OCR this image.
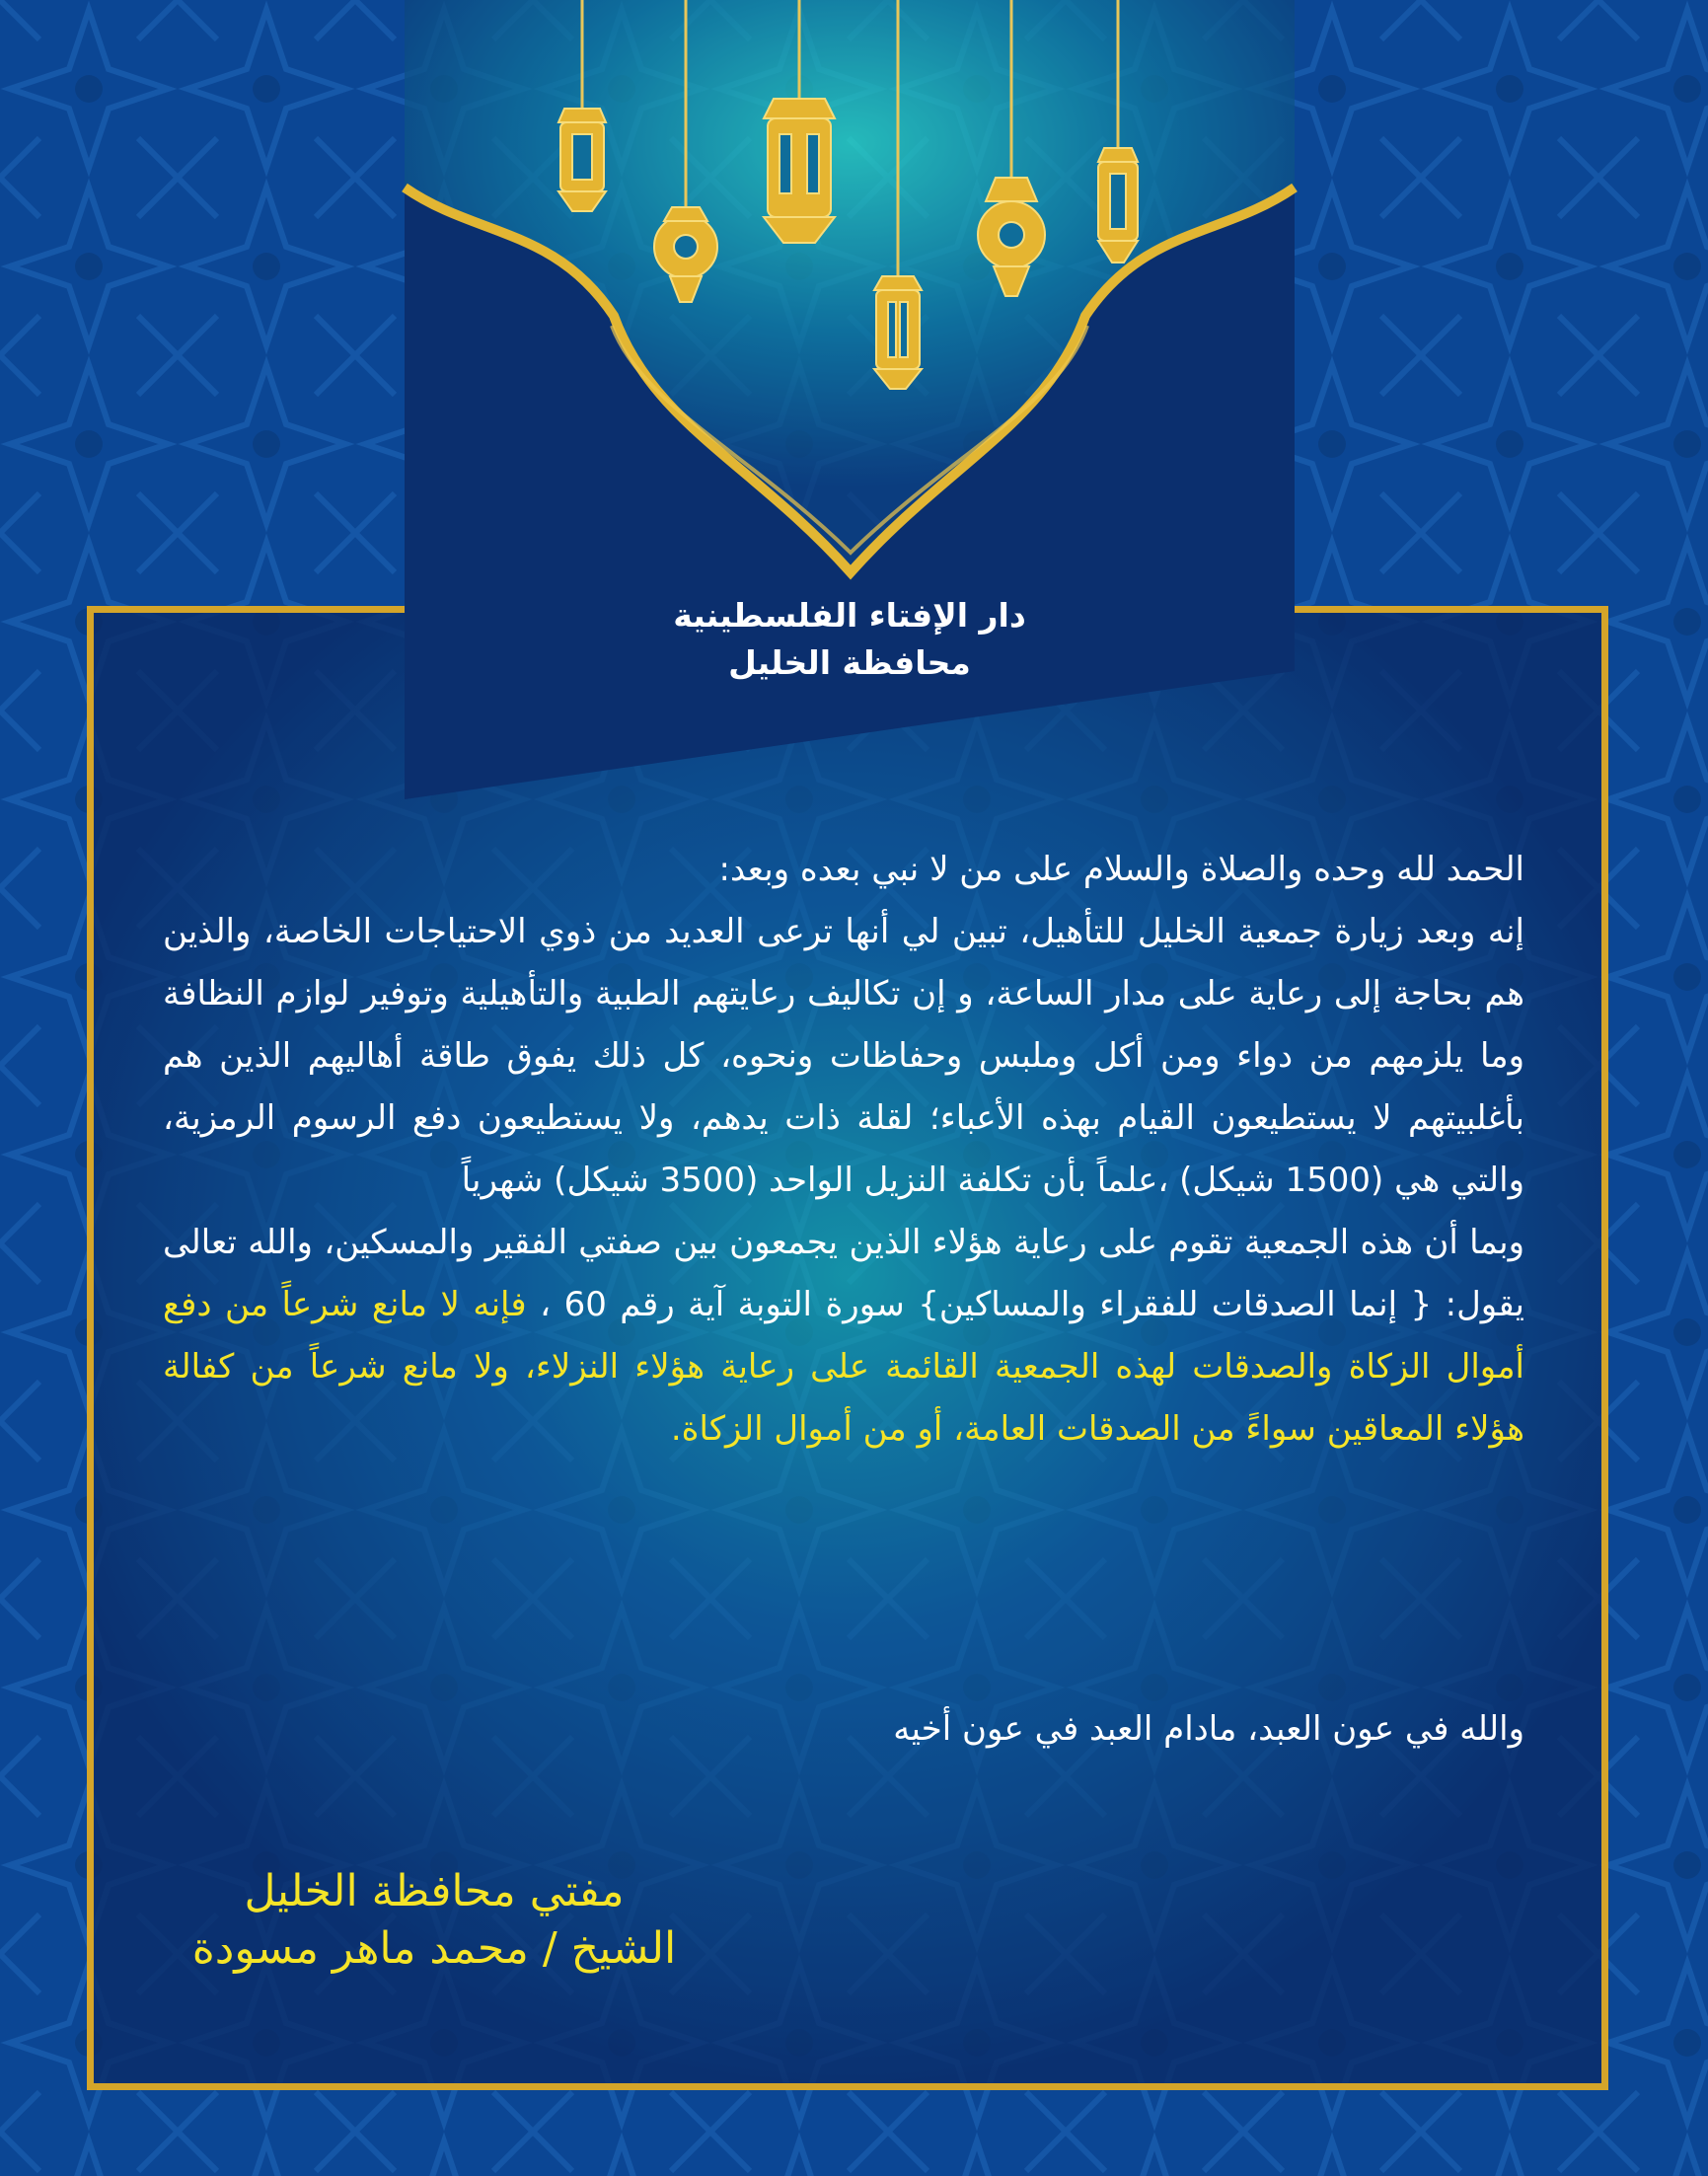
دار الإفتاء الفلسطينية
محافظة الخليل

الحمد لله وحده والصلاة والسلام على من لا نبي بعده وبعد:

إنه وبعد زيارة جمعية الخليل للتأهيل، تبين لي أنها ترعى العديد من ذوي الاحتياجات الخاصة، والذين هم بحاجة إلى رعاية على مدار الساعة، و إن تكاليف رعايتهم الطبية والتأهيلية وتوفير لوازم النظافة وما يلزمهم من دواء ومن أكل وملبس وحفاظات ونحوه، كل ذلك يفوق طاقة أهاليهم الذين هم بأغلبيتهم لا يستطيعون القيام بهذه الأعباء؛ لقلة ذات يدهم، ولا يستطيعون دفع الرسوم الرمزية، والتي هي (1500 شيكل) ،علماً بأن تكلفة النزيل الواحد (3500 شيكل) شهرياً

وبما أن هذه الجمعية تقوم على رعاية هؤلاء الذين يجمعون بين صفتي الفقير والمسكين، والله تعالى يقول: { إنما الصدقات للفقراء والمساكين} سورة التوبة آية رقم 60 ، فإنه لا مانع شرعاً من دفع أموال الزكاة والصدقات لهذه الجمعية القائمة على رعاية هؤلاء النزلاء، ولا مانع شرعاً من كفالة هؤلاء المعاقين سواءً من الصدقات العامة، أو من أموال الزكاة.

والله في عون العبد، مادام العبد في عون أخيه
مفتي محافظة الخليل
الشيخ / محمد ماهر مسودة
